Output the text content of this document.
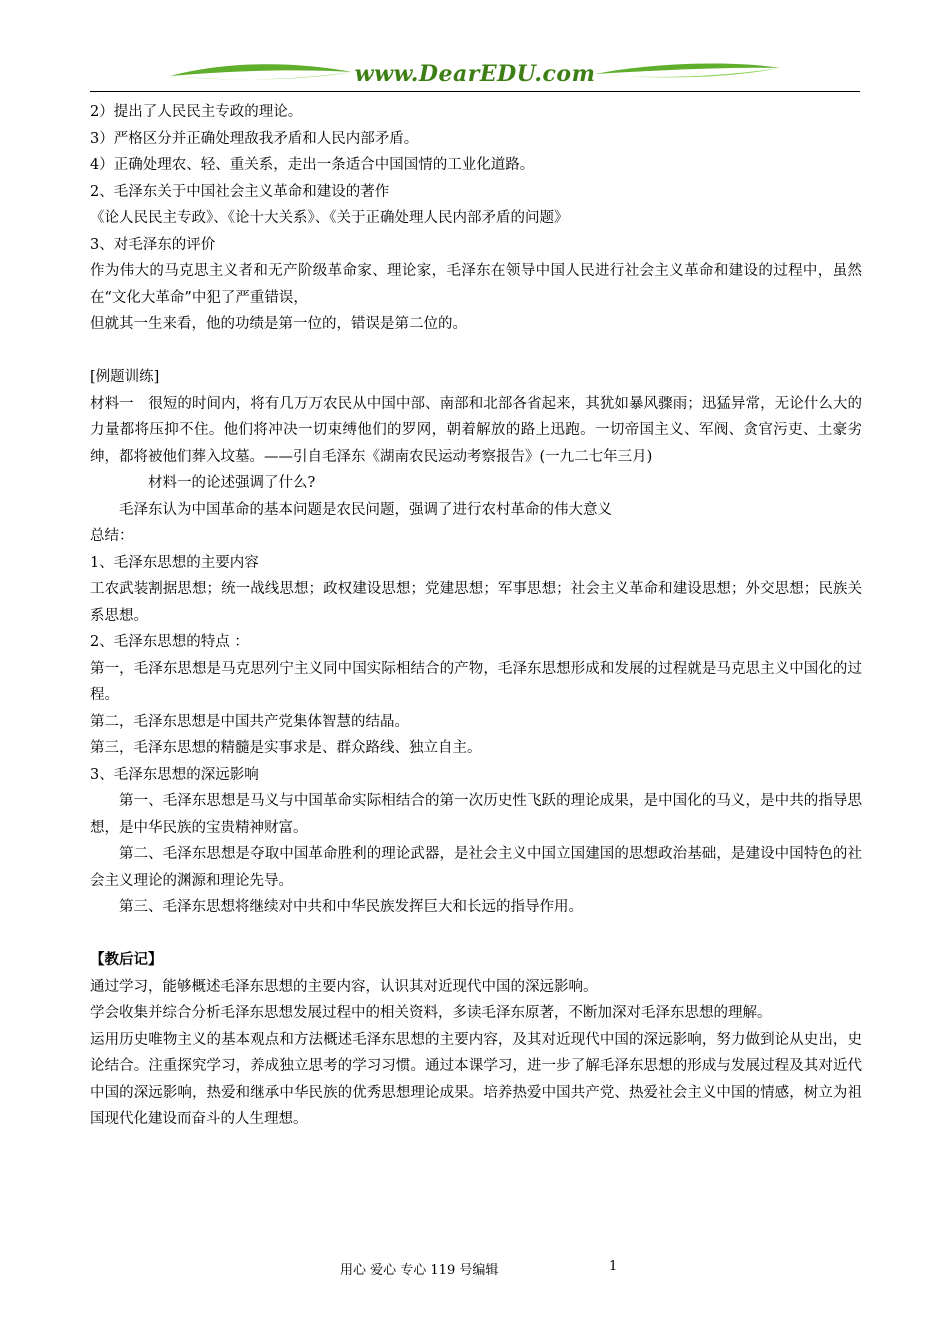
www.DearEDU.com

2）提出了人民民主专政的理论。

3）严格区分并正确处理敌我矛盾和人民内部矛盾。

4）正确处理农、轻、重关系，走出一条适合中国国情的工业化道路。

2、毛泽东关于中国社会主义革命和建设的著作

《论人民民主专政》、《论十大关系》、《关于正确处理人民内部矛盾的问题》

3、对毛泽东的评价

作为伟大的马克思主义者和无产阶级革命家、理论家，毛泽东在领导中国人民进行社会主义革命和建设的过程中，虽然在“文化大革命”中犯了严重错误，

但就其一生来看，他的功绩是第一位的，错误是第二位的。

[例题训练]

材料一　很短的时间内，将有几万万农民从中国中部、南部和北部各省起来，其犹如暴风骤雨；迅猛异常，无论什么大的力量都将压抑不住。他们将冲决一切束缚他们的罗网，朝着解放的路上迅跑。一切帝国主义、军阀、贪官污吏、土豪劣绅，都将被他们葬入坟墓。——引自毛泽东《湖南农民运动考察报告》(一九二七年三月)

材料一的论述强调了什么?

毛泽东认为中国革命的基本问题是农民问题，强调了进行农村革命的伟大意义

总结：

1、毛泽东思想的主要内容

工农武装割据思想；统一战线思想；政权建设思想；党建思想；军事思想；社会主义革命和建设思想；外交思想；民族关系思想。

2、毛泽东思想的特点 ：

第一，毛泽东思想是马克思列宁主义同中国实际相结合的产物，毛泽东思想形成和发展的过程就是马克思主义中国化的过程。

第二，毛泽东思想是中国共产党集体智慧的结晶。

第三，毛泽东思想的精髓是实事求是、群众路线、独立自主。

3、毛泽东思想的深远影响

第一、毛泽东思想是马义与中国革命实际相结合的第一次历史性飞跃的理论成果，是中国化的马义，是中共的指导思想，是中华民族的宝贵精神财富。

第二、毛泽东思想是夺取中国革命胜利的理论武器，是社会主义中国立国建国的思想政治基础，是建设中国特色的社会主义理论的渊源和理论先导。

第三、毛泽东思想将继续对中共和中华民族发挥巨大和长远的指导作用。

【教后记】

通过学习，能够概述毛泽东思想的主要内容，认识其对近现代中国的深远影响。

学会收集并综合分析毛泽东思想发展过程中的相关资料，多读毛泽东原著，不断加深对毛泽东思想的理解。

运用历史唯物主义的基本观点和方法概述毛泽东思想的主要内容，及其对近现代中国的深远影响，努力做到论从史出，史论结合。注重探究学习，养成独立思考的学习习惯。通过本课学习，进一步了解毛泽东思想的形成与发展过程及其对近代中国的深远影响，热爱和继承中华民族的优秀思想理论成果。培养热爱中国共产党、热爱社会主义中国的情感，树立为祖国现代化建设而奋斗的人生理想。

用心 爱心 专心 119 号编辑	1
